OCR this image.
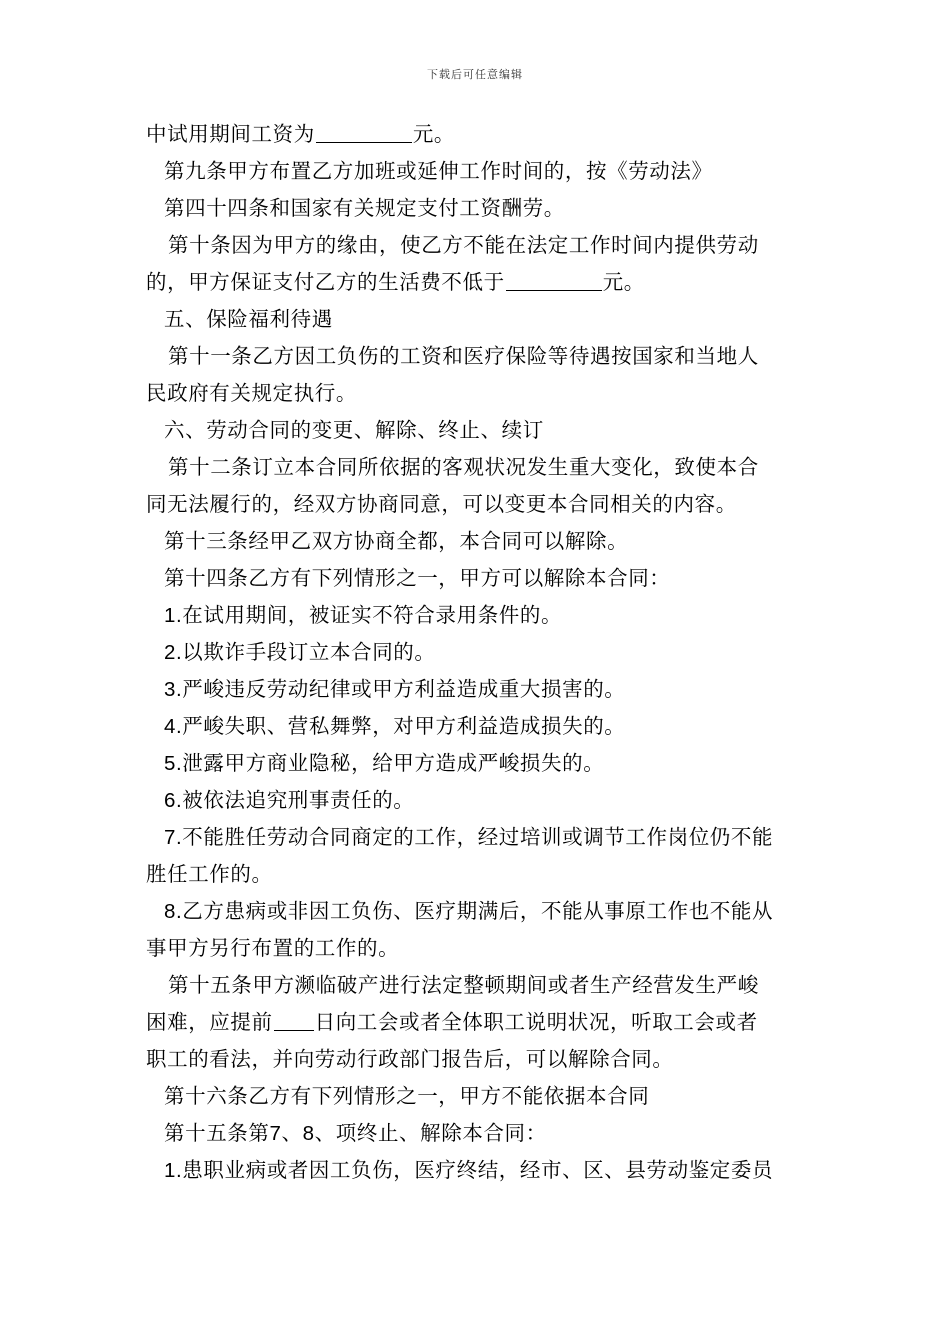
下载后可任意编辑
中试用期间工资为	元。
第九条甲方布置乙方加班或延伸工作时间的，按《劳动法》
第四十四条和国家有关规定支付工资酬劳。
第十条因为甲方的缘由，使乙方不能在法定工作时间内提供劳动
的，甲方保证支付乙方的生活费不低于	元。
五、保险福利待遇
第十一条乙方因工负伤的工资和医疗保险等待遇按国家和当地人
民政府有关规定执行。
六、劳动合同的变更、解除、终止、续订
第十二条订立本合同所依据的客观状况发生重大变化，致使本合
同无法履行的，经双方协商同意，可以变更本合同相关的内容。
第十三条经甲乙双方协商全都，本合同可以解除。
第十四条乙方有下列情形之一，甲方可以解除本合同：
1.在试用期间，被证实不符合录用条件的。
2.以欺诈手段订立本合同的。
3.严峻违反劳动纪律或甲方利益造成重大损害的。
4.严峻失职、营私舞弊，对甲方利益造成损失的。
5.泄露甲方商业隐秘，给甲方造成严峻损失的。
6.被依法追究刑事责任的。
7.不能胜任劳动合同商定的工作，经过培训或调节工作岗位仍不能
胜任工作的。
8.乙方患病或非因工负伤、医疗期满后，不能从事原工作也不能从
事甲方另行布置的工作的。
第十五条甲方濒临破产进行法定整顿期间或者生产经营发生严峻
困难，应提前 日向工会或者全体职工说明状况，听取工会或者
职工的看法，并向劳动行政部门报告后，可以解除合同。
第十六条乙方有下列情形之一，甲方不能依据本合同
第十五条第7、8、项终止、解除本合同：
1.患职业病或者因工负伤，医疗终结，经市、区、县劳动鉴定委员
